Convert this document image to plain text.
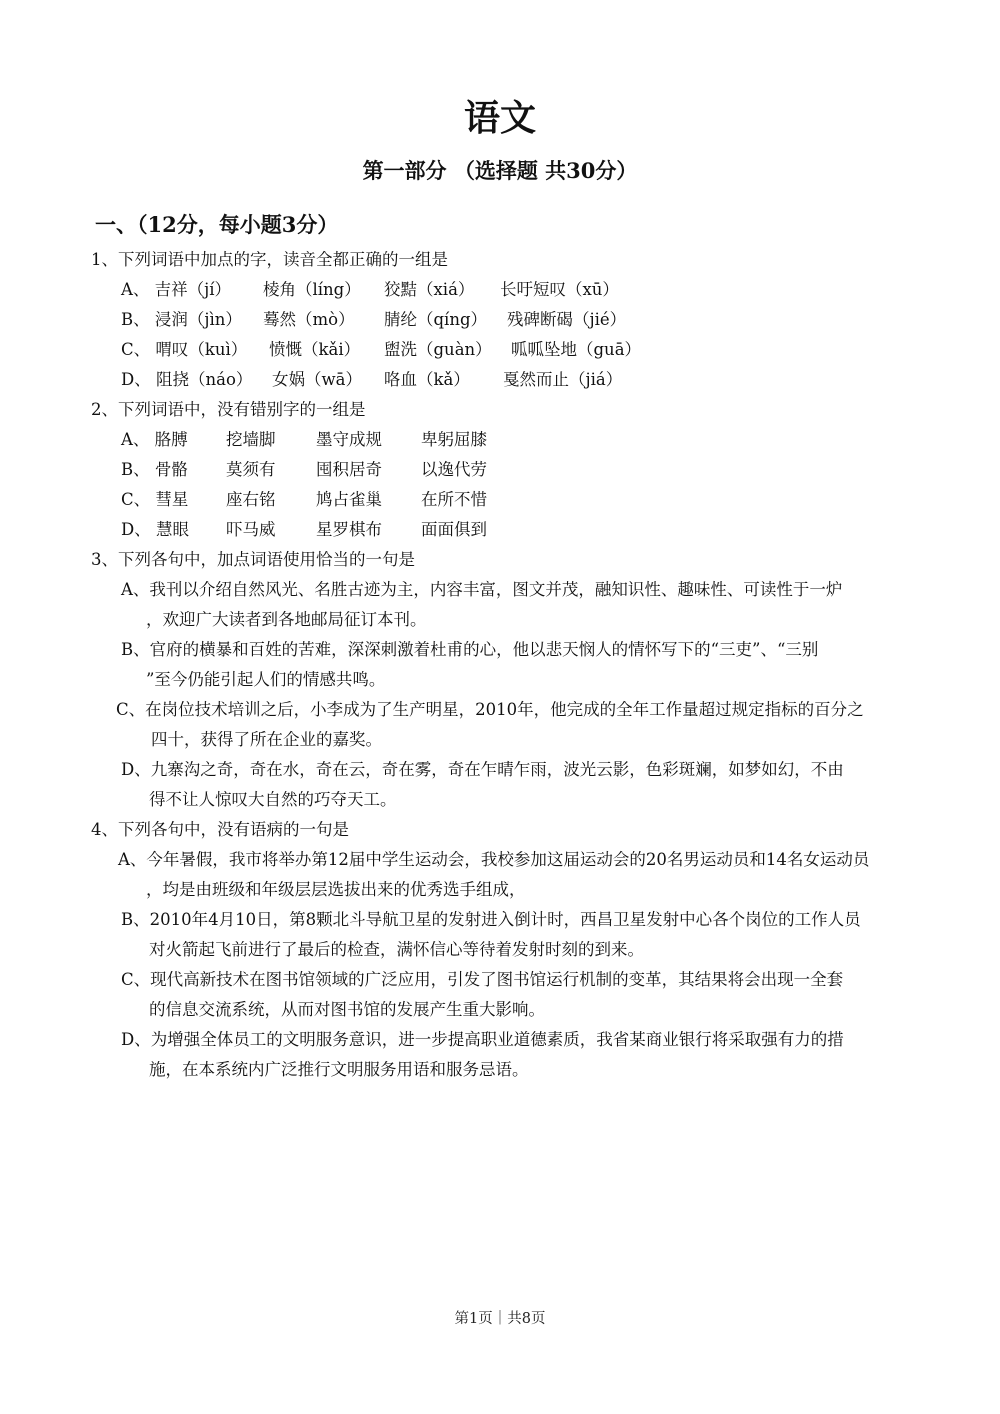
语文
第一部分 （选择题 共30分）
一、（12分，每小题3分）
1、下列词语中加点的字，读音全都正确的一组是
A、 吉祥（jí） 棱角（líng） 狡黠（xiá） 长吁短叹（xū）
B、 浸润（jìn） 蓦然（mò） 腈纶（qíng） 残碑断碣（jié）
C、 喟叹（kuì） 愤慨（kǎi） 盥洗（guàn） 呱呱坠地（guā）
D、 阻挠（náo） 女娲（wā） 咯血（kǎ） 戛然而止（jiá）
2、下列词语中，没有错别字的一组是
A、 胳膊 挖墙脚 墨守成规 卑躬屈膝
B、 骨骼 莫须有 囤积居奇 以逸代劳
C、 彗星 座右铭 鸠占雀巢 在所不惜
D、 慧眼 吓马威 星罗棋布 面面俱到
3、下列各句中，加点词语使用恰当的一句是
A、我刊以介绍自然风光、名胜古迹为主，内容丰富，图文并茂，融知识性、趣味性、可读性于一炉
，欢迎广大读者到各地邮局征订本刊。
B、官府的横暴和百姓的苦难，深深刺激着杜甫的心，他以悲天悯人的情怀写下的“三吏”、“三别
”至今仍能引起人们的情感共鸣。
C、在岗位技术培训之后，小李成为了生产明星，2010年，他完成的全年工作量超过规定指标的百分之
四十，获得了所在企业的嘉奖。
D、九寨沟之奇，奇在水，奇在云，奇在雾，奇在乍晴乍雨，波光云影，色彩斑斓，如梦如幻，不由
得不让人惊叹大自然的巧夺天工。
4、下列各句中，没有语病的一句是
A、今年暑假，我市将举办第12届中学生运动会，我校参加这届运动会的20名男运动员和14名女运动员
，均是由班级和年级层层选拔出来的优秀选手组成，
B、2010年4月10日，第8颗北斗导航卫星的发射进入倒计时，西昌卫星发射中心各个岗位的工作人员
对火箭起飞前进行了最后的检查，满怀信心等待着发射时刻的到来。
C、现代高新技术在图书馆领域的广泛应用，引发了图书馆运行机制的变革，其结果将会出现一全套
的信息交流系统，从而对图书馆的发展产生重大影响。
D、为增强全体员工的文明服务意识，进一步提高职业道德素质，我省某商业银行将采取强有力的措
施，在本系统内广泛推行文明服务用语和服务忌语。
第1页｜共8页
